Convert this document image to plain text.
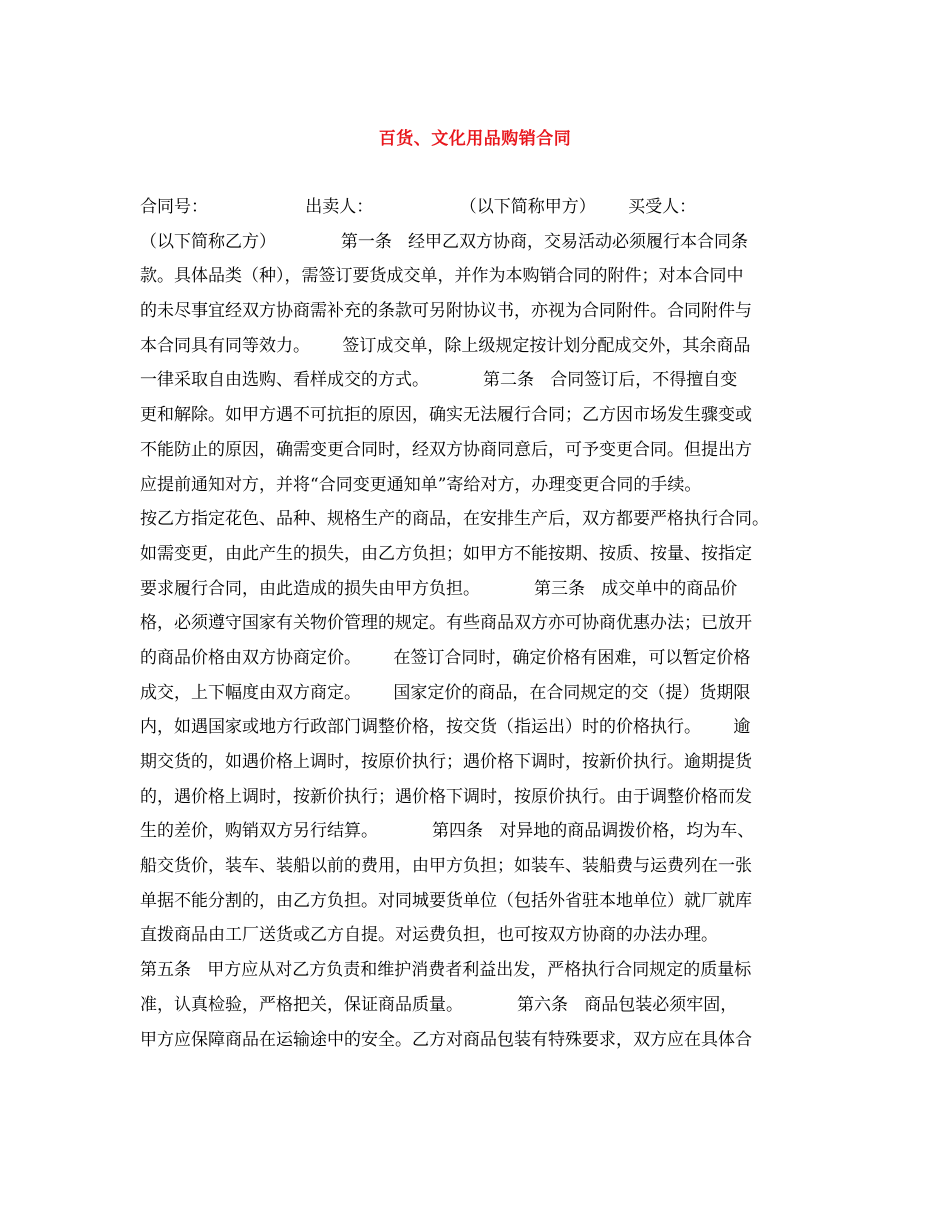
百货、文化用品购销合同
合同号：                  出卖人：                （以下简称甲方）      买受人：
（以下简称乙方）            第一条   经甲乙双方协商，交易活动必须履行本合同条
款。具体品类（种），需签订要货成交单，并作为本购销合同的附件；对本合同中
的未尽事宜经双方协商需补充的条款可另附协议书，亦视为合同附件。合同附件与
本合同具有同等效力。      签订成交单，除上级规定按计划分配成交外，其余商品
一律采取自由选购、看样成交的方式。          第二条   合同签订后，不得擅自变
更和解除。如甲方遇不可抗拒的原因，确实无法履行合同；乙方因市场发生骤变或
不能防止的原因，确需变更合同时，经双方协商同意后，可予变更合同。但提出方
应提前通知对方，并将“合同变更通知单”寄给对方，办理变更合同的手续。
按乙方指定花色、品种、规格生产的商品，在安排生产后，双方都要严格执行合同。
如需变更，由此产生的损失，由乙方负担；如甲方不能按期、按质、按量、按指定
要求履行合同，由此造成的损失由甲方负担。          第三条   成交单中的商品价
格，必须遵守国家有关物价管理的规定。有些商品双方亦可协商优惠办法；已放开
的商品价格由双方协商定价。      在签订合同时，确定价格有困难，可以暂定价格
成交，上下幅度由双方商定。      国家定价的商品，在合同规定的交（提）货期限
内，如遇国家或地方行政部门调整价格，按交货（指运出）时的价格执行。      逾
期交货的，如遇价格上调时，按原价执行；遇价格下调时，按新价执行。逾期提货
的，遇价格上调时，按新价执行；遇价格下调时，按原价执行。由于调整价格而发
生的差价，购销双方另行结算。          第四条   对异地的商品调拨价格，均为车、
船交货价，装车、装船以前的费用，由甲方负担；如装车、装船费与运费列在一张
单据不能分割的，由乙方负担。对同城要货单位（包括外省驻本地单位）就厂就库
直拨商品由工厂送货或乙方自提。对运费负担，也可按双方协商的办法办理。
第五条   甲方应从对乙方负责和维护消费者利益出发，严格执行合同规定的质量标
准，认真检验，严格把关，保证商品质量。          第六条   商品包装必须牢固，
甲方应保障商品在运输途中的安全。乙方对商品包装有特殊要求，双方应在具体合
